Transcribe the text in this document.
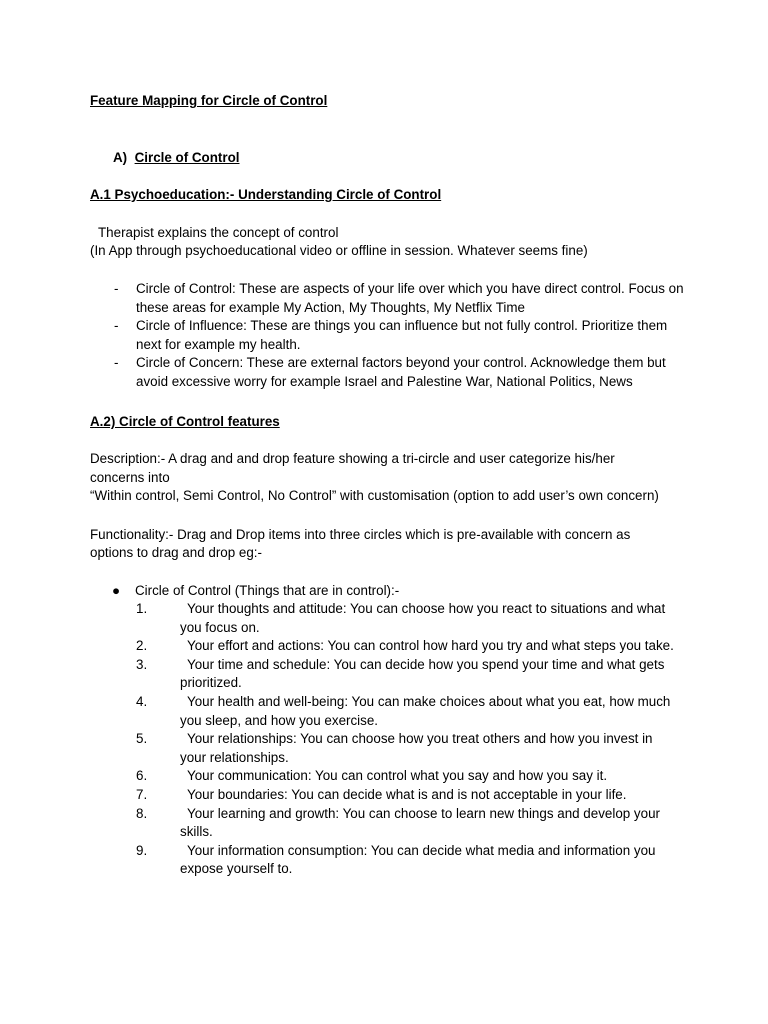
Feature Mapping for Circle of Control

A) Circle of Control

A.1 Psychoeducation:- Understanding Circle of Control

Therapist explains the concept of control

(In App through psychoeducational video or offline in session. Whatever seems fine)

- Circle of Control: These are aspects of your life over which you have direct control. Focus on these areas for example My Action, My Thoughts, My Netflix Time
- Circle of Influence: These are things you can influence but not fully control. Prioritize them next for example my health.
- Circle of Concern: These are external factors beyond your control. Acknowledge them but avoid excessive worry for example Israel and Palestine War, National Politics, News

A.2) Circle of Control features

Description:- A drag and and drop feature showing a tri-circle and user categorize his/her

concerns into

“Within control, Semi Control, No Control” with customisation (option to add user’s own concern)

Functionality:- Drag and Drop items into three circles which is pre-available with concern as

options to drag and drop eg:-

● Circle of Control (Things that are in control):-
1.	Your thoughts and attitude: You can choose how you react to situations and what you focus on.
2.	Your effort and actions: You can control how hard you try and what steps you take.
3.	Your time and schedule: You can decide how you spend your time and what gets prioritized.
4.	Your health and well-being: You can make choices about what you eat, how much you sleep, and how you exercise.
5.	Your relationships: You can choose how you treat others and how you invest in your relationships.
6.	Your communication: You can control what you say and how you say it.
7.	Your boundaries: You can decide what is and is not acceptable in your life.
8.	Your learning and growth: You can choose to learn new things and develop your skills.
9.	Your information consumption: You can decide what media and information you expose yourself to.
